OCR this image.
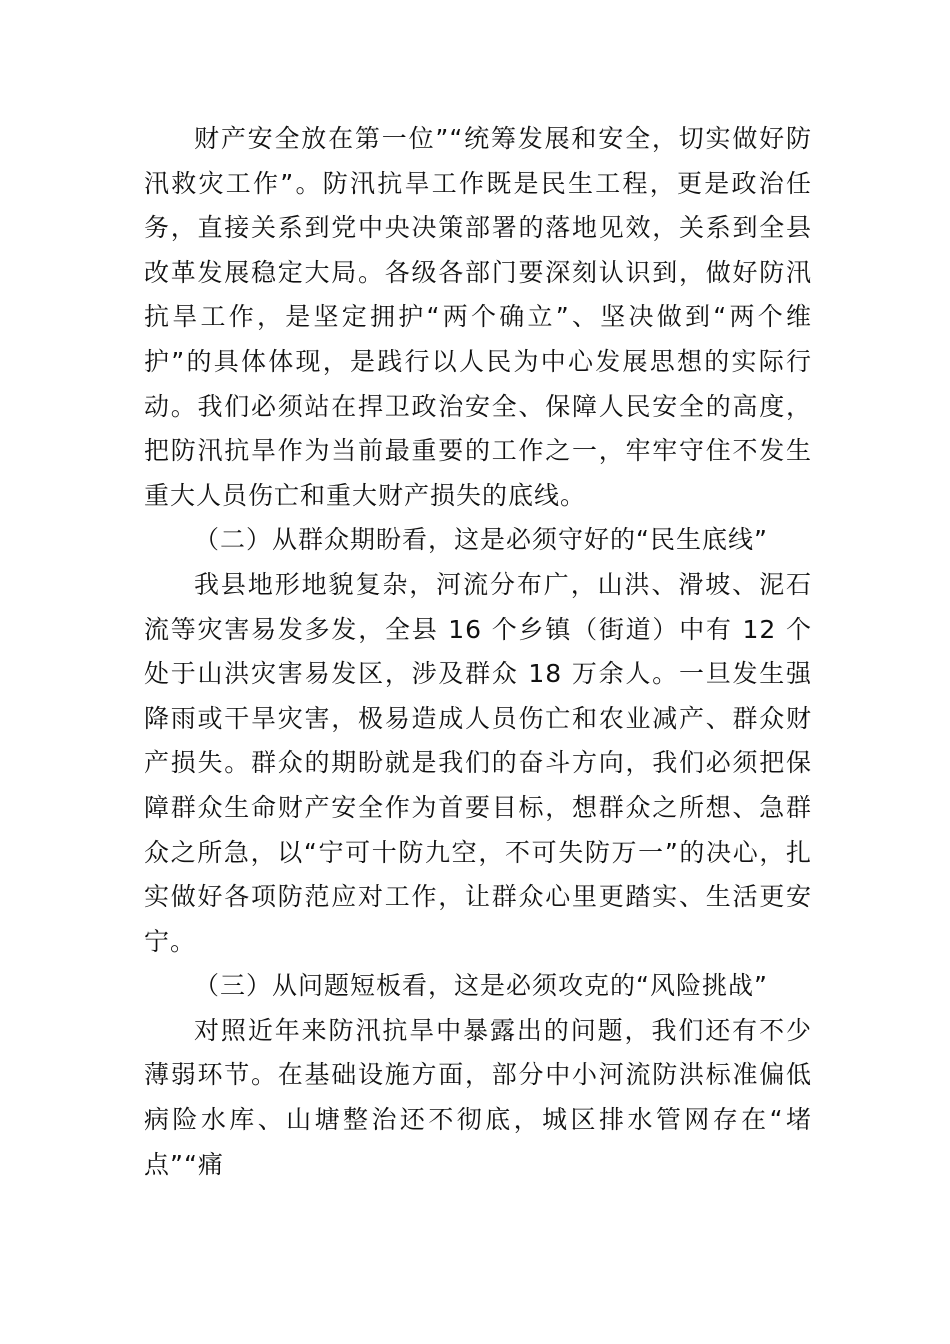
财产安全放在第一位”“统筹发展和安全，切实做好防汛救灾工作”。防汛抗旱工作既是民生工程，更是政治任务，直接关系到党中央决策部署的落地见效，关系到全县改革发展稳定大局。各级各部门要深刻认识到，做好防汛抗旱工作，是坚定拥护“两个确立”、坚决做到“两个维护”的具体体现，是践行以人民为中心发展思想的实际行动。我们必须站在捍卫政治安全、保障人民安全的高度，把防汛抗旱作为当前最重要的工作之一，牢牢守住不发生重大人员伤亡和重大财产损失的底线。

（二）从群众期盼看，这是必须守好的“民生底线”

我县地形地貌复杂，河流分布广，山洪、滑坡、泥石流等灾害易发多发，全县 16 个乡镇（街道）中有 12 个处于山洪灾害易发区，涉及群众 18 万余人。一旦发生强降雨或干旱灾害，极易造成人员伤亡和农业减产、群众财产损失。群众的期盼就是我们的奋斗方向，我们必须把保障群众生命财产安全作为首要目标，想群众之所想、急群众之所急，以“宁可十防九空，不可失防万一”的决心，扎实做好各项防范应对工作，让群众心里更踏实、生活更安宁。

（三）从问题短板看，这是必须攻克的“风险挑战”

对照近年来防汛抗旱中暴露出的问题，我们还有不少薄弱环节。在基础设施方面，部分中小河流防洪标准偏低病险水库、山塘整治还不彻底，城区排水管网存在“堵点”“痛
